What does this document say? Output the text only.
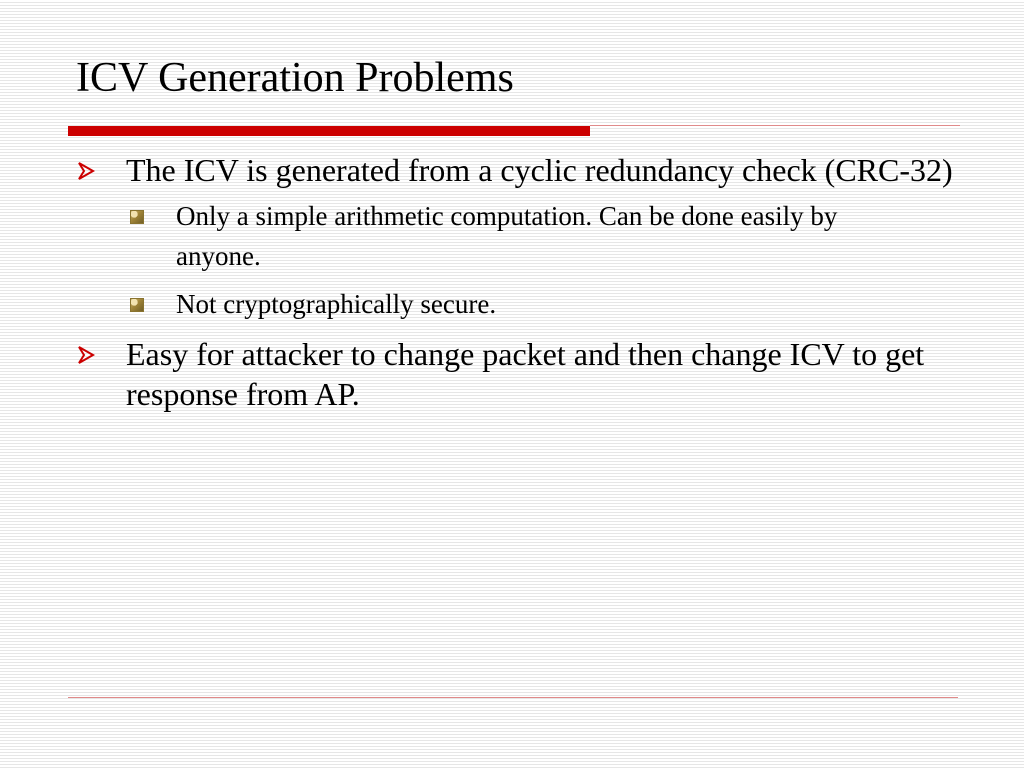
ICV Generation Problems
The ICV is generated from a cyclic redundancy check (CRC-32)
Only a simple arithmetic computation. Can be done easily by anyone.
Not cryptographically secure.
Easy for attacker to change packet and then change ICV to get response from AP.
